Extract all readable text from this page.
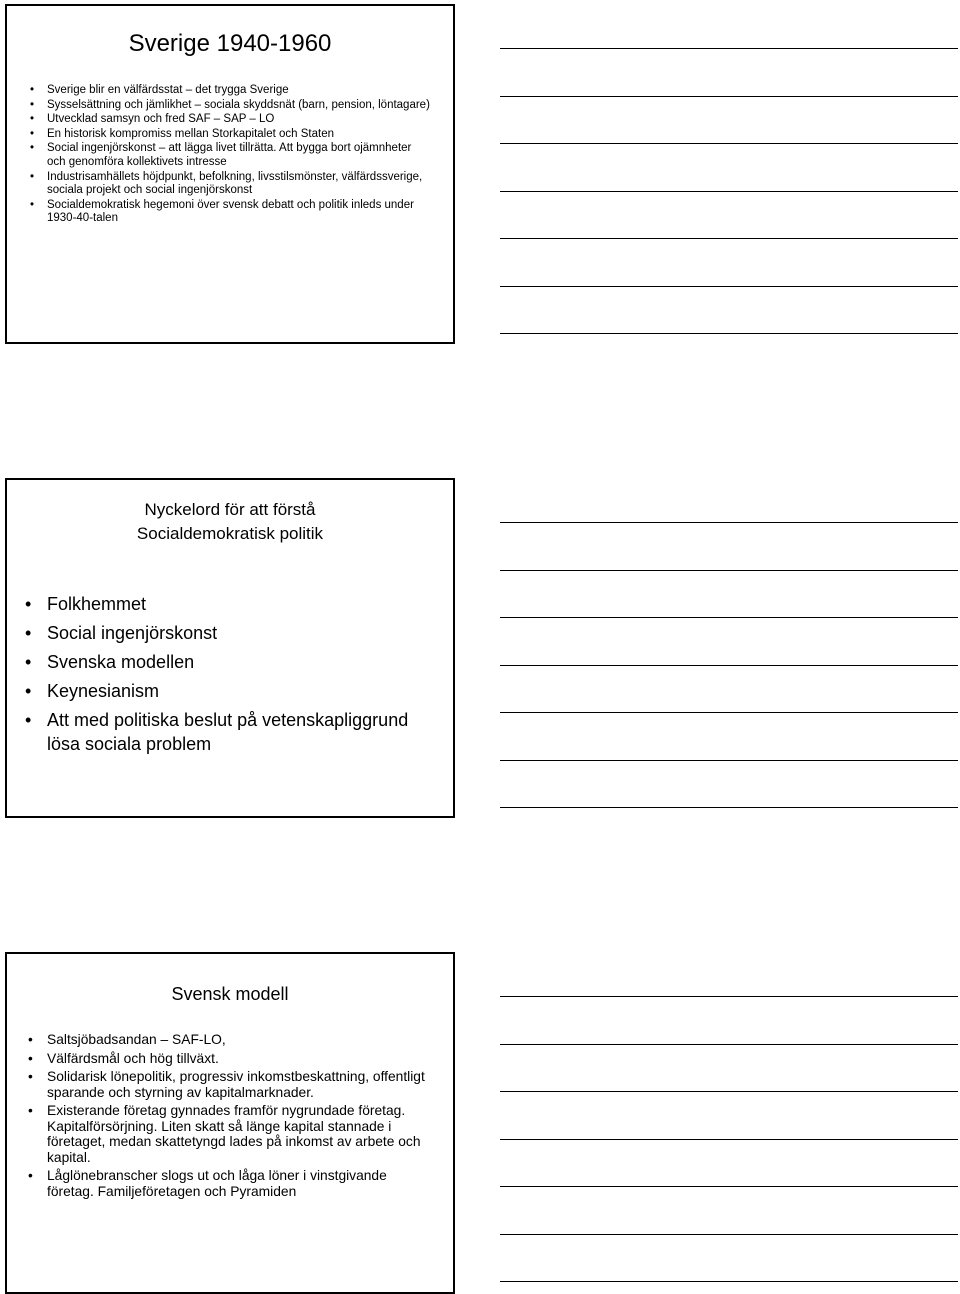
Sverige 1940-1960
• Sverige blir en välfärdsstat – det trygga Sverige
• Sysselsättning och jämlikhet – sociala skyddsnät (barn, pension, löntagare)
• Utvecklad samsyn och fred SAF – SAP – LO
• En historisk kompromiss mellan Storkapitalet och Staten
• Social ingenjörskonst – att lägga livet tillrätta. Att bygga bort ojämnheter och genomföra kollektivets intresse
• Industrisamhällets höjdpunkt, befolkning, livsstilsmönster, välfärdssverige, sociala projekt och social ingenjörskonst
• Socialdemokratisk hegemoni över svensk debatt och politik inleds under 1930-40-talen
Nyckelord för att förstå
Socialdemokratisk politik
• Folkhemmet
• Social ingenjörskonst
• Svenska modellen
• Keynesianism
• Att med politiska beslut på vetenskapliggrund lösa sociala problem
Svensk modell
• Saltsjöbadsandan – SAF-LO,
• Välfärdsmål och hög tillväxt.
• Solidarisk lönepolitik, progressiv inkomstbeskattning, offentligt sparande och styrning av kapitalmarknader.
• Existerande företag gynnades framför nygrundade företag. Kapitalförsörjning. Liten skatt så länge kapital stannade i företaget, medan skattetyngd lades på inkomst av arbete och kapital.
• Låglönebranscher slogs ut och låga löner i vinstgivande företag. Familjeföretagen och Pyramiden
